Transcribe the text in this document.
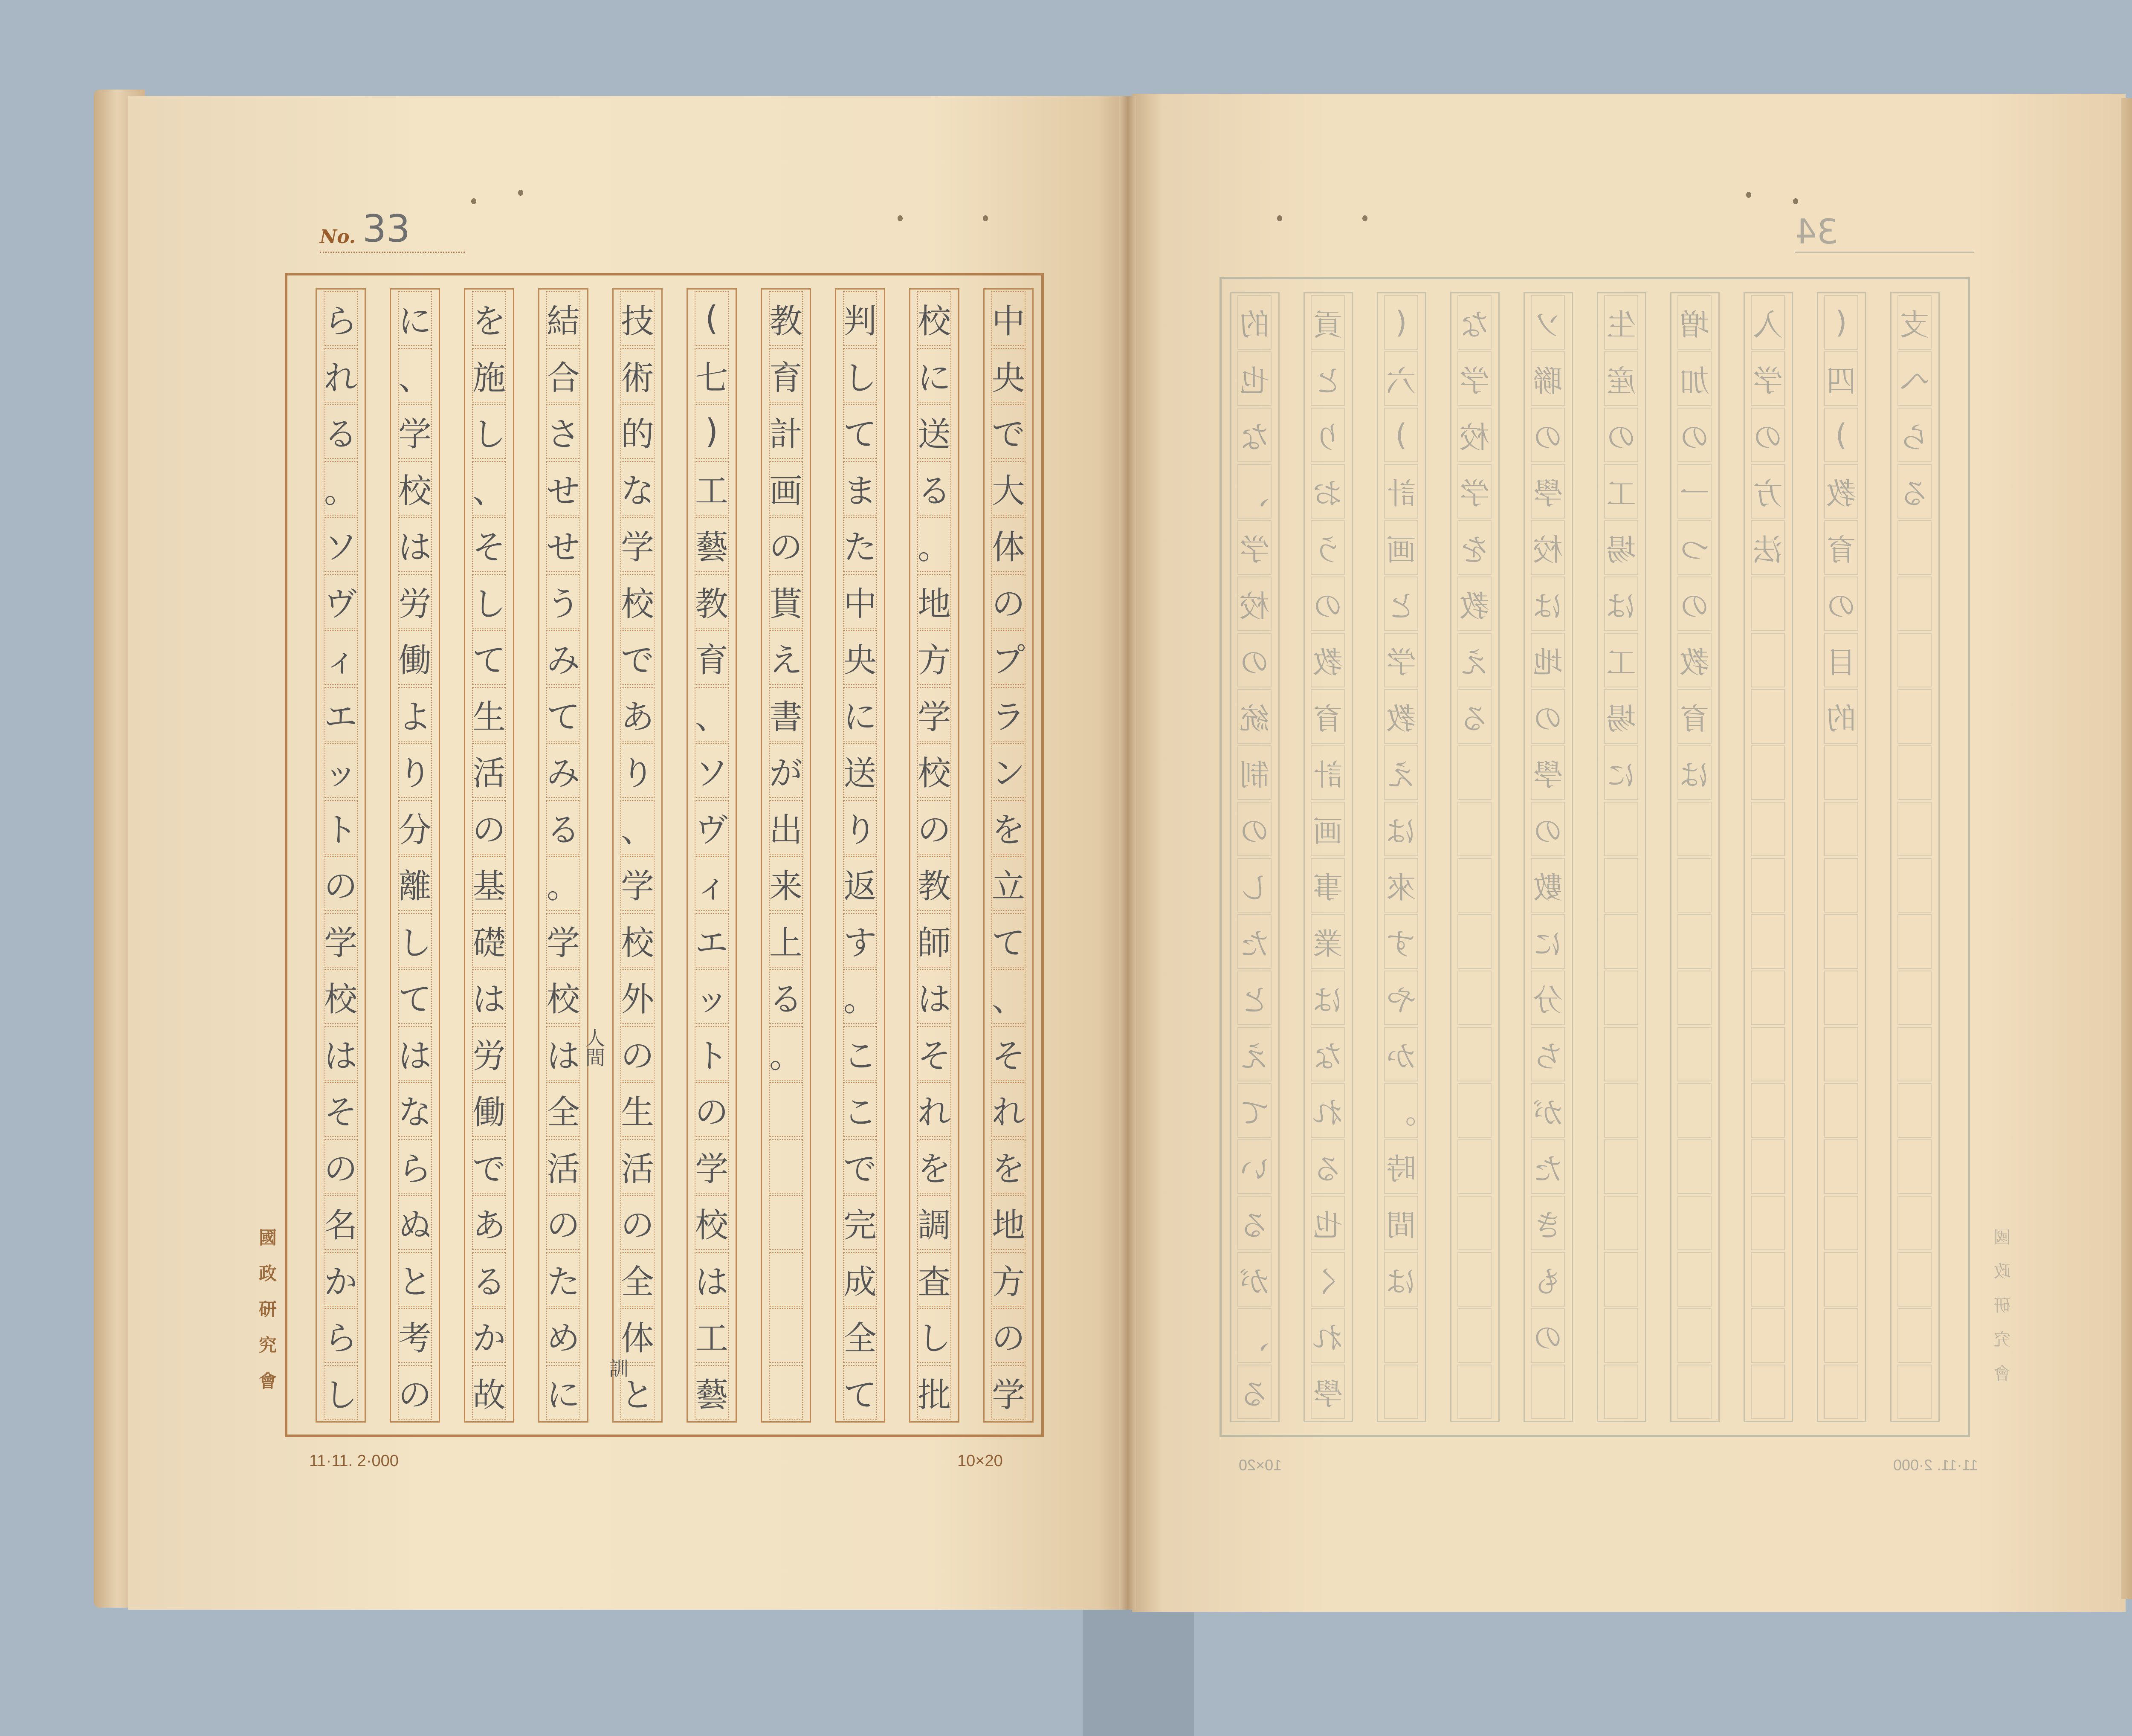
No. 33
中
央
で
大
体
の
プ
ラ
ン
を
立
て
、
そ
れ
を
地
方
の
学
校
に
送
る
。
地
方
学
校
の
教
師
は
そ
れ
を
調
査
し
批
判
し
て
ま
た
中
央
に
送
り
返
す
。
こ
こ
で
完
成
全
て
教
育
計
画
の
貰
え
書
が
出
来
上
る
。
(
七
)
工
藝
教
育
、
ソ
ヴ
ィ
エ
ッ
ト
の
学
校
は
工
藝
技
術
的
な
学
校
で
あ
り
、
学
校
外
の
生
活
の
全
体
と
結
合
さ
せ
せ
う
み
て
み
る
。
学
校
は
全
活
の
た
め
に
を
施
し
、
そ
し
て
生
活
の
基
礎
は
労
働
で
あ
る
か
故
に
、
学
校
は
労
働
よ
り
分
離
し
て
は
な
ら
ぬ
と
考
の
ら
れ
る
。
ソ
ヴ
ィ
エ
ッ
ト
の
学
校
は
そ
の
名
か
ら
し
人間
訓
國政研究會
11·11. 2·000	10×20
34
的
也
な
、
学
校
の
統
制
の
し
た
と
え
て
い
る
が
、
る
貢
と
り
お
う
の
教
育
計
画
事
業
は
な
れ
る
也
く
れ
學
(
六
)
計
画
と
学
教
え
は
來
す
や
か
。
時
間
は
な
学
校
学
を
教
え
る
ソ
聯
の
學
校
は
地
の
學
の
數
に
分
ち
が
た
き
も
の
生
産
の
工
場
は
工
場
に
増
加
の
一
つ
の
教
育
は
入
学
の
方
法
(
四
)
教
育
の
目
的
支
へ
ら
る
國政研究會
11·11. 2·000
10×20
